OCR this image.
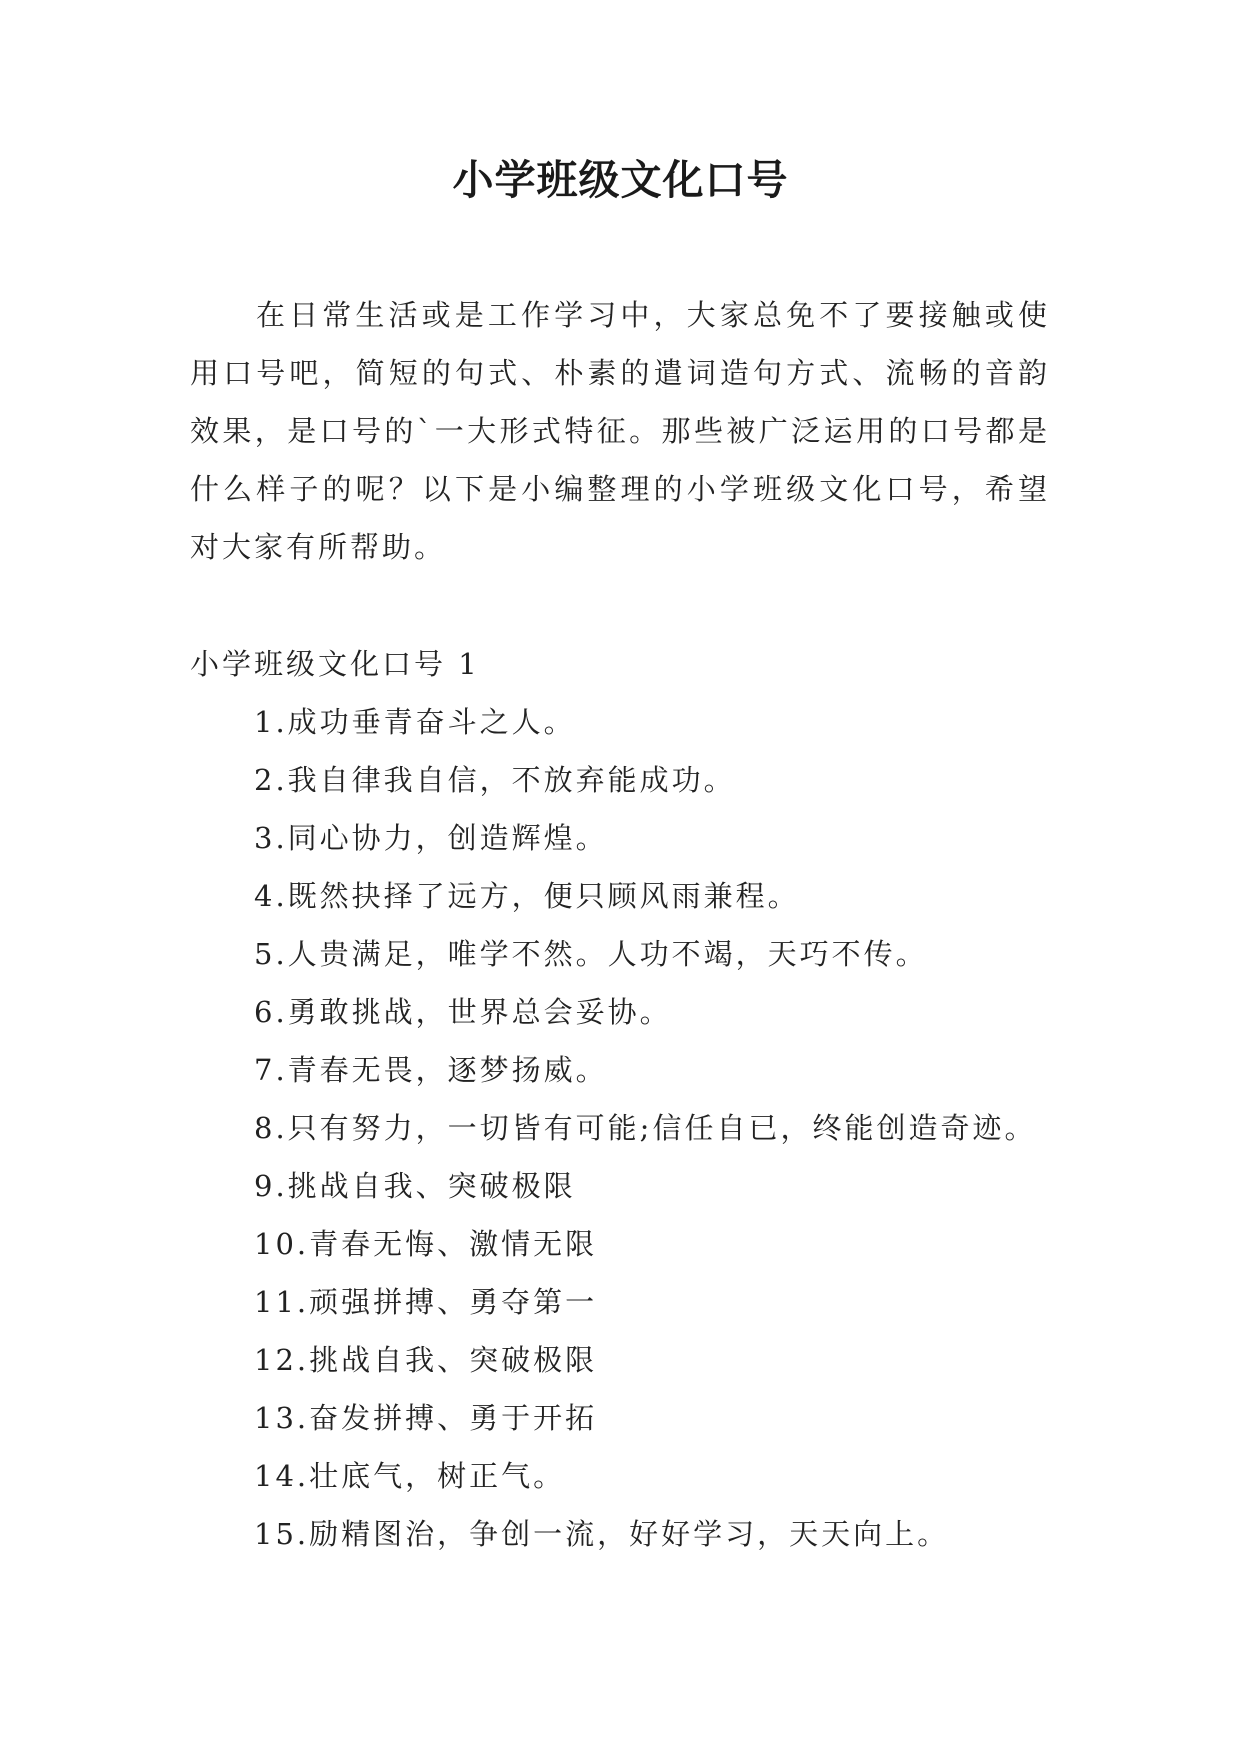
小学班级文化口号

在日常生活或是工作学习中，大家总免不了要接触或使用口号吧，简短的句式、朴素的遣词造句方式、流畅的音韵效果，是口号的`一大形式特征。那些被广泛运用的口号都是什么样子的呢？以下是小编整理的小学班级文化口号，希望对大家有所帮助。

小学班级文化口号 1
1.成功垂青奋斗之人。
2.我自律我自信，不放弃能成功。
3.同心协力，创造辉煌。
4.既然抉择了远方，便只顾风雨兼程。
5.人贵满足，唯学不然。人功不竭，天巧不传。
6.勇敢挑战，世界总会妥协。
7.青春无畏，逐梦扬威。
8.只有努力，一切皆有可能;信任自已，终能创造奇迹。
9.挑战自我、突破极限
10.青春无悔、激情无限
11.顽强拼搏、勇夺第一
12.挑战自我、突破极限
13.奋发拼搏、勇于开拓
14.壮底气，树正气。
15.励精图治，争创一流，好好学习，天天向上。
